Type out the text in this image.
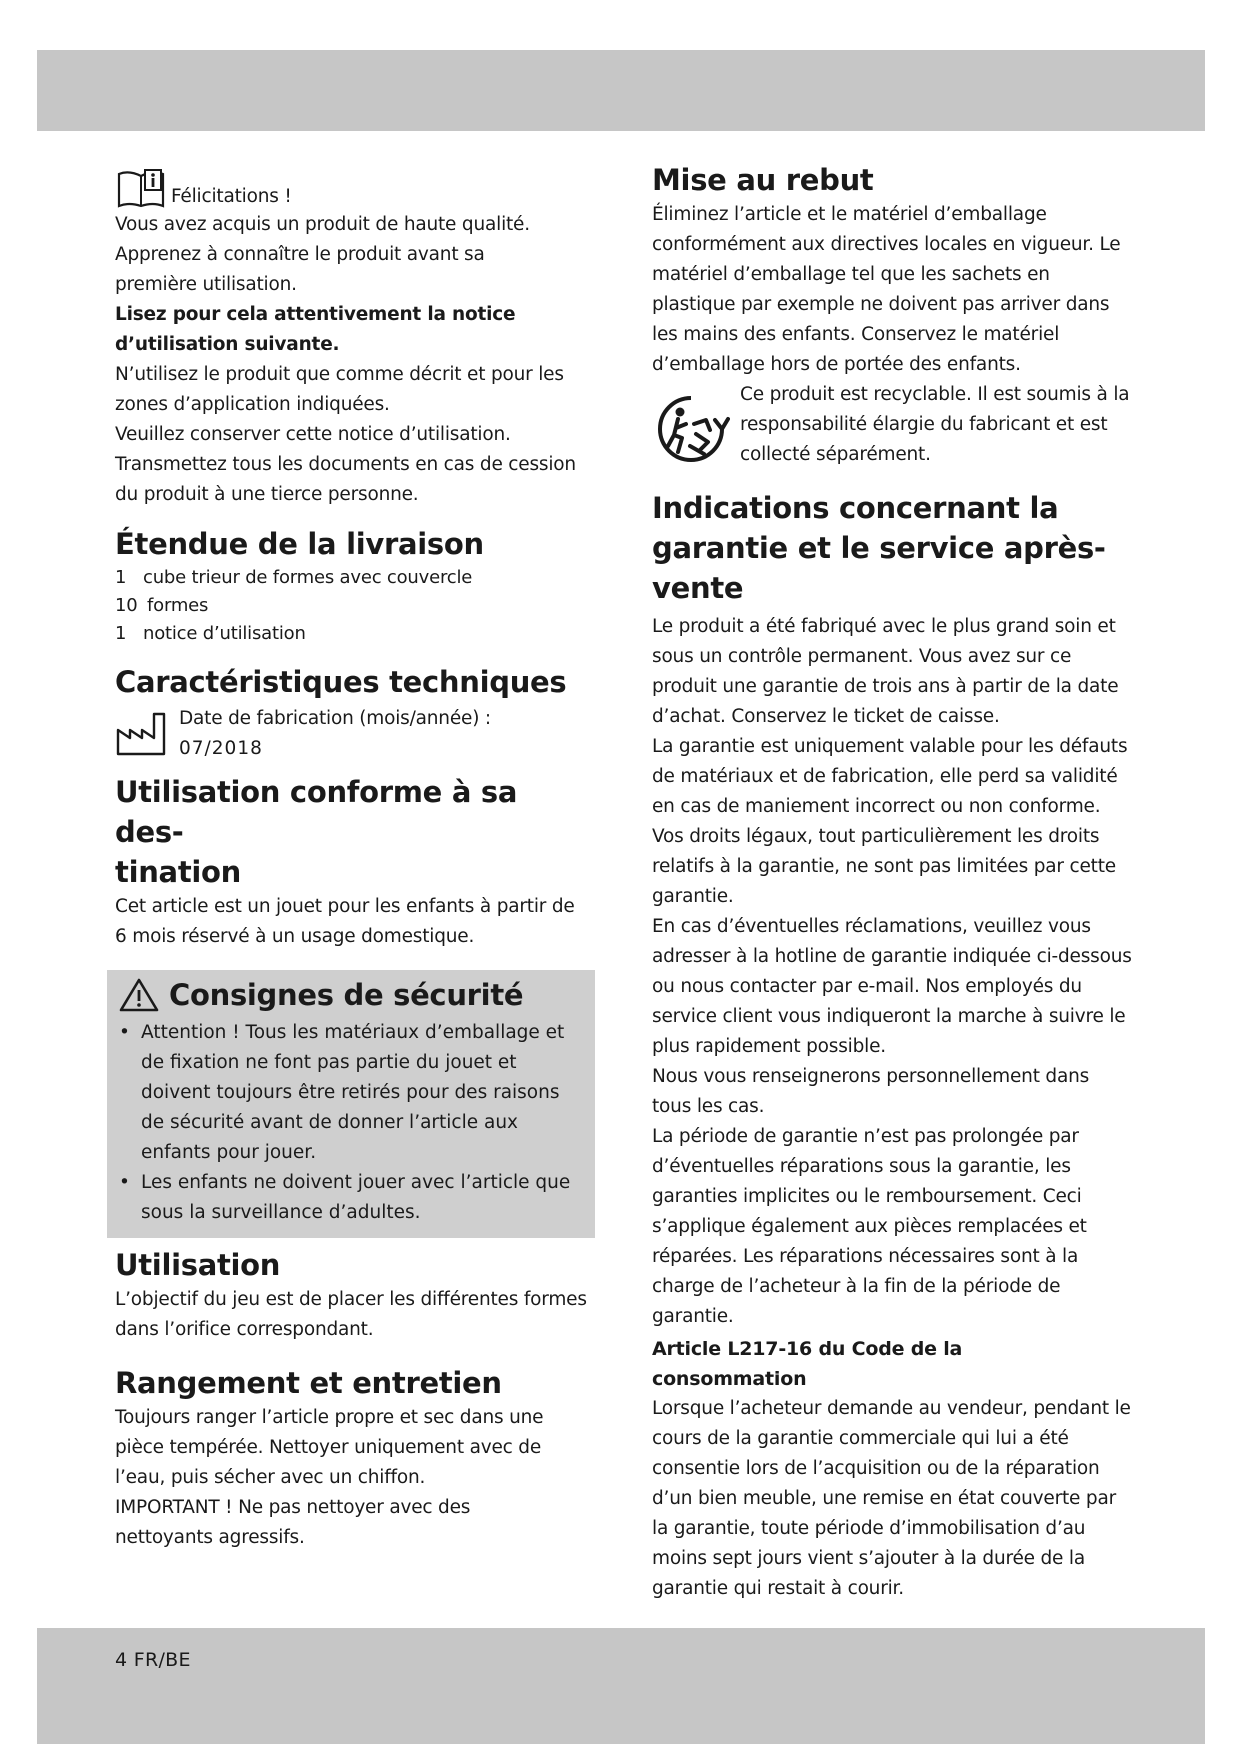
Félicitations !

Vous avez acquis un produit de haute qualité.

Apprenez à connaître le produit avant sa première utilisation.

Lisez pour cela attentivement la notice d’utilisation suivante.

N’utilisez le produit que comme décrit et pour les zones d’application indiquées.

Veuillez conserver cette notice d’utilisation.

Transmettez tous les documents en cas de cession du produit à une tierce personne.

Étendue de la livraison
1 cube trieur de formes avec couvercle
10 formes
1 notice d’utilisation
Caractéristiques techniques
Date de fabrication (mois/année) :
07/2018
Utilisation conforme à sa des-
tination

Cet article est un jouet pour les enfants à partir de 6 mois réservé à un usage domestique.

Consignes de sécurité
• Attention ! Tous les matériaux d’emballage et de fixation ne font pas partie du jouet et doivent toujours être retirés pour des raisons de sécurité avant de donner l’article aux enfants pour jouer.
• Les enfants ne doivent jouer avec l’article que sous la surveillance d’adultes.
Utilisation

L’objectif du jeu est de placer les différentes formes dans l’orifice correspondant.

Rangement et entretien

Toujours ranger l’article propre et sec dans une pièce tempérée. Nettoyer uniquement avec de l’eau, puis sécher avec un chiffon.

IMPORTANT ! Ne pas nettoyer avec des nettoyants agressifs.

Mise au rebut

Éliminez l’article et le matériel d’emballage conformément aux directives locales en vigueur. Le matériel d’emballage tel que les sachets en plastique par exemple ne doivent pas arriver dans les mains des enfants. Conservez le matériel d’emballage hors de portée des enfants.

Ce produit est recyclable. Il est soumis à la responsabilité élargie du fabricant et est collecté séparément.

Indications concernant la
garantie et le service après-
vente

Le produit a été fabriqué avec le plus grand soin et sous un contrôle permanent. Vous avez sur ce produit une garantie de trois ans à partir de la date d’achat. Conservez le ticket de caisse.

La garantie est uniquement valable pour les défauts de matériaux et de fabrication, elle perd sa validité en cas de maniement incorrect ou non conforme. Vos droits légaux, tout particulièrement les droits relatifs à la garantie, ne sont pas limitées par cette garantie.

En cas d’éventuelles réclamations, veuillez vous adresser à la hotline de garantie indiquée ci-dessous ou nous contacter par e-mail. Nos employés du service client vous indiqueront la marche à suivre le plus rapidement possible.

Nous vous renseignerons personnellement dans tous les cas.

La période de garantie n’est pas prolongée par d’éventuelles réparations sous la garantie, les garanties implicites ou le remboursement. Ceci s’applique également aux pièces remplacées et réparées. Les réparations nécessaires sont à la charge de l’acheteur à la fin de la période de garantie.

Article L217-16 du Code de la consommation

Lorsque l’acheteur demande au vendeur, pendant le cours de la garantie commerciale qui lui a été consentie lors de l’acquisition ou de la réparation d’un bien meuble, une remise en état couverte par la garantie, toute période d’immobilisation d’au moins sept jours vient s’ajouter à la durée de la garantie qui restait à courir.

4 FR/BE
